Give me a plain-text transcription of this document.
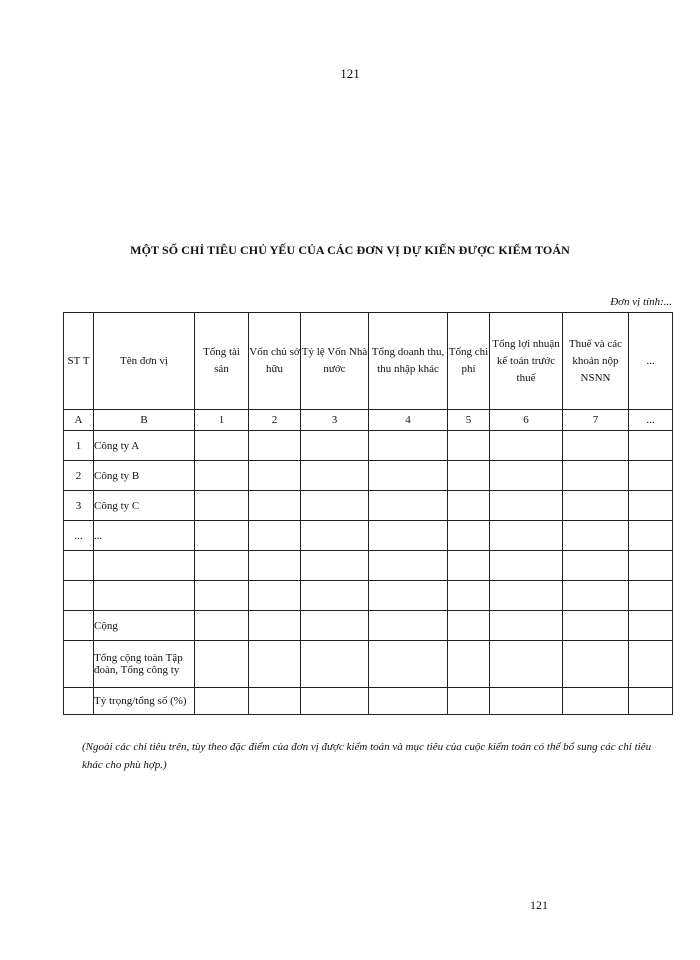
121
MỘT SỐ CHỈ TIÊU CHỦ YẾU CỦA CÁC ĐƠN VỊ DỰ KIẾN ĐƯỢC KIỂM TOÁN
Đơn vị tính:...
ST T	Tên đơn vị	Tổng tài sản	Vốn chủ sở hữu	Tỷ lệ Vốn Nhà nước	Tổng doanh thu, thu nhập khác	Tổng chi phí	Tổng lợi nhuận kế toán trước thuế	Thuế và các khoản nộp NSNN	...
A	B	1	2	3	4	5	6	7	...
1	Công ty A								
2	Công ty B								
3	Công ty C								
...	...								

	Cộng								
	Tổng cộng toàn Tập đoàn, Tổng công ty								
	Tỷ trọng/tổng số (%)								
(Ngoài các chỉ tiêu trên, tùy theo đặc điểm của đơn vị được kiểm toán và mục tiêu của cuộc kiểm toán có thể bổ sung các chỉ tiêu khác cho phù hợp.)
121
